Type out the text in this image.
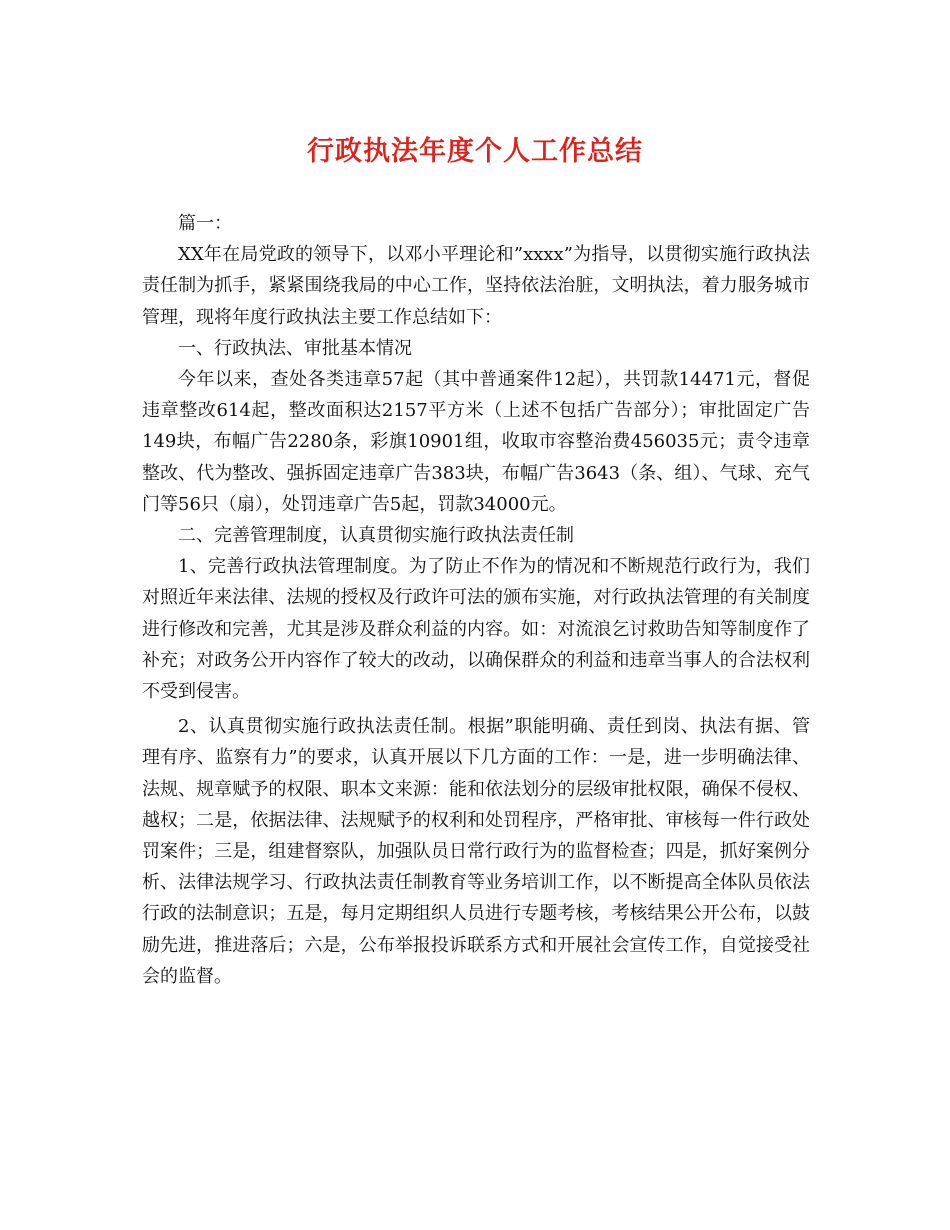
行政执法年度个人工作总结

篇一：

XX年在局党政的领导下，以邓小平理论和”xxxx”为指导，以贯彻实施行政执法责任制为抓手，紧紧围绕我局的中心工作，坚持依法治脏，文明执法，着力服务城市管理，现将年度行政执法主要工作总结如下：

一、行政执法、审批基本情况

今年以来，查处各类违章57起（其中普通案件12起），共罚款14471元，督促违章整改614起，整改面积达2157平方米（上述不包括广告部分）；审批固定广告149块，布幅广告2280条，彩旗10901组，收取市容整治费456035元；责令违章整改、代为整改、强拆固定违章广告383块，布幅广告3643（条、组）、气球、充气门等56只（扇），处罚违章广告5起，罚款34000元。

二、完善管理制度，认真贯彻实施行政执法责任制

1、完善行政执法管理制度。为了防止不作为的情况和不断规范行政行为，我们对照近年来法律、法规的授权及行政许可法的颁布实施，对行政执法管理的有关制度进行修改和完善，尤其是涉及群众利益的内容。如：对流浪乞讨救助告知等制度作了补充；对政务公开内容作了较大的改动，以确保群众的利益和违章当事人的合法权利不受到侵害。

2、认真贯彻实施行政执法责任制。根据”职能明确、责任到岗、执法有据、管理有序、监察有力”的要求，认真开展以下几方面的工作：一是，进一步明确法律、法规、规章赋予的权限、职本文来源：能和依法划分的层级审批权限，确保不侵权、越权；二是，依据法律、法规赋予的权利和处罚程序，严格审批、审核每一件行政处罚案件；三是，组建督察队，加强队员日常行政行为的监督检查；四是，抓好案例分析、法律法规学习、行政执法责任制教育等业务培训工作，以不断提高全体队员依法行政的法制意识；五是，每月定期组织人员进行专题考核，考核结果公开公布，以鼓励先进，推进落后；六是，公布举报投诉联系方式和开展社会宣传工作，自觉接受社会的监督。
